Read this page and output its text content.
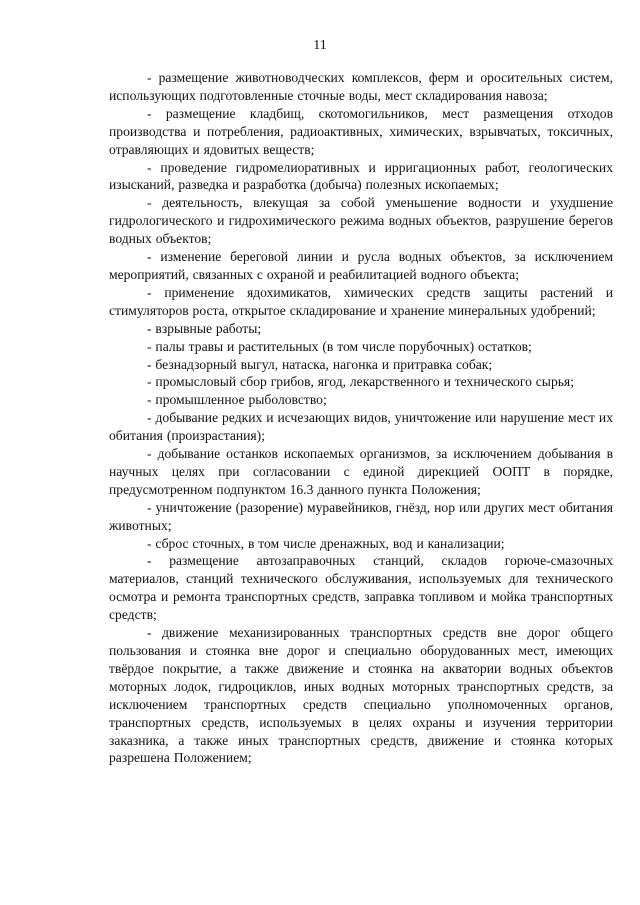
11

- размещение животноводческих комплексов, ферм и оросительных систем, использующих подготовленные сточные воды, мест складирования навоза;

- размещение кладбищ, скотомогильников, мест размещения отходов производства и потребления, радиоактивных, химических, взрывчатых, токсичных, отравляющих и ядовитых веществ;

- проведение гидромелиоративных и ирригационных работ, геологических изысканий, разведка и разработка (добыча) полезных ископаемых;

- деятельность, влекущая за собой уменьшение водности и ухудшение гидрологического и гидрохимического режима водных объектов, разрушение берегов водных объектов;

- изменение береговой линии и русла водных объектов, за исключением мероприятий, связанных с охраной и реабилитацией водного объекта;

- применение ядохимикатов, химических средств защиты растений и стимуляторов роста, открытое складирование и хранение минеральных удобрений;

- взрывные работы;

- палы травы и растительных (в том числе порубочных) остатков;

- безнадзорный выгул, натаска, нагонка и притравка собак;

- промысловый сбор грибов, ягод, лекарственного и технического сырья;

- промышленное рыболовство;

- добывание редких и исчезающих видов, уничтожение или нарушение мест их обитания (произрастания);

- добывание останков ископаемых организмов, за исключением добывания в научных целях при согласовании с единой дирекцией ООПТ в порядке, предусмотренном подпунктом 16.3 данного пункта Положения;

- уничтожение (разорение) муравейников, гнёзд, нор или других мест обитания животных;

- сброс сточных, в том числе дренажных, вод и канализации;

- размещение автозаправочных станций, складов горюче-смазочных материалов, станций технического обслуживания, используемых для технического осмотра и ремонта транспортных средств, заправка топливом и мойка транспортных средств;

- движение механизированных транспортных средств вне дорог общего пользования и стоянка вне дорог и специально оборудованных мест, имеющих твёрдое покрытие, а также движение и стоянка на акватории водных объектов моторных лодок, гидроциклов, иных водных моторных транспортных средств, за исключением транспортных средств специально уполномоченных органов, транспортных средств, используемых в целях охраны и изучения территории заказника, а также иных транспортных средств, движение и стоянка которых разрешена Положением;
